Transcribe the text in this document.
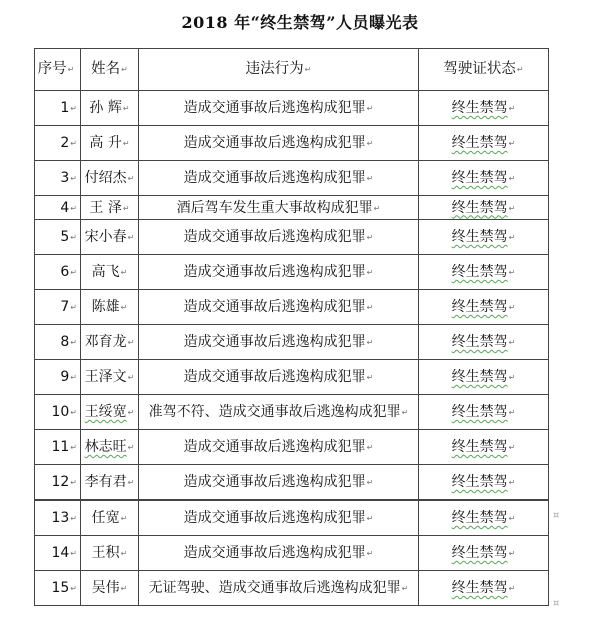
2018 年“终生禁驾”人员曝光表
序号↵	姓名↵	违法行为↵	驾驶证状态↵
1↵	孙 辉↵	造成交通事故后逃逸构成犯罪↵	终生禁驾↵
2↵	高 升↵	造成交通事故后逃逸构成犯罪↵	终生禁驾↵
3↵	付绍杰↵	造成交通事故后逃逸构成犯罪↵	终生禁驾↵
4↵	王 泽↵	酒后驾车发生重大事故构成犯罪↵	终生禁驾↵
5↵	宋小春↵	造成交通事故后逃逸构成犯罪↵	终生禁驾↵
6↵	高飞↵	造成交通事故后逃逸构成犯罪↵	终生禁驾↵
7↵	陈雄↵	造成交通事故后逃逸构成犯罪↵	终生禁驾↵
8↵	邓育龙↵	造成交通事故后逃逸构成犯罪↵	终生禁驾↵
9↵	王泽文↵	造成交通事故后逃逸构成犯罪↵	终生禁驾↵
10↵	王绥宽↵	准驾不符、造成交通事故后逃逸构成犯罪↵	终生禁驾↵
11↵	林志旺↵	造成交通事故后逃逸构成犯罪↵	终生禁驾↵
12↵	李有君↵	造成交通事故后逃逸构成犯罪↵	终生禁驾↵
13↵	任宽↵	造成交通事故后逃逸构成犯罪↵	终生禁驾↵
14↵	王积↵	造成交通事故后逃逸构成犯罪↵	终生禁驾↵
15↵	吴伟↵	无证驾驶、造成交通事故后逃逸构成犯罪↵	终生禁驾↵
¤
¤
